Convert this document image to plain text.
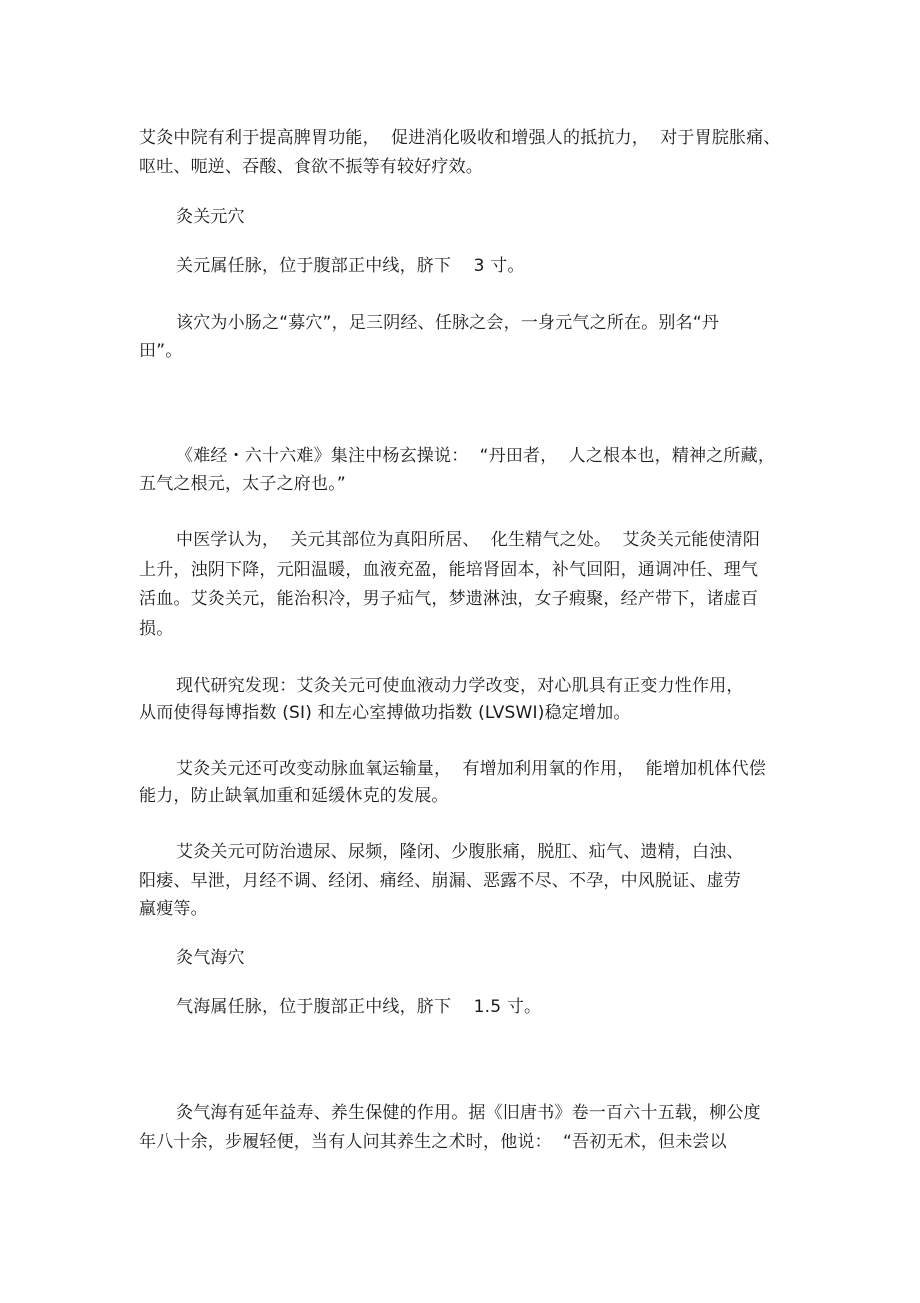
艾灸中院有利于提高脾胃功能，  促进消化吸收和增强人的抵抗力，  对于胃脘胀痛、
呕吐、呃逆、吞酸、食欲不振等有较好疗效。
灸关元穴
关元属任脉，位于腹部正中线，脐下    3 寸。
该穴为小肠之“募穴”，足三阴经、任脉之会，一身元气之所在。别名“丹
田”。
《难经・六十六难》集注中杨玄操说：  “丹田者，  人之根本也，精神之所藏，
五气之根元，太子之府也。”
中医学认为，  关元其部位为真阳所居、  化生精气之处。  艾灸关元能使清阳
上升，浊阴下降，元阳温暖，血液充盈，能培肾固本，补气回阳，通调冲任、理气
活血。艾灸关元，能治积冷，男子疝气，梦遗淋浊，女子瘕聚，经产带下，诸虚百
损。
现代研究发现：艾灸关元可使血液动力学改变，对心肌具有正变力性作用，
从而使得每博指数 (SI) 和左心室搏做功指数 (LVSWI)稳定增加。
艾灸关元还可改变动脉血氧运输量，  有增加利用氧的作用，  能增加机体代偿
能力，防止缺氧加重和延缓休克的发展。
艾灸关元可防治遗尿、尿频，隆闭、少腹胀痛，脱肛、疝气、遗精，白浊、
阳痿、早泄，月经不调、经闭、痛经、崩漏、恶露不尽、不孕，中风脱证、虚劳
羸瘦等。
灸气海穴
气海属任脉，位于腹部正中线，脐下    1.5 寸。
灸气海有延年益寿、养生保健的作用。据《旧唐书》卷一百六十五载，柳公度
年八十余，步履轻便，当有人问其养生之术时，他说：  “吾初无术，但未尝以
